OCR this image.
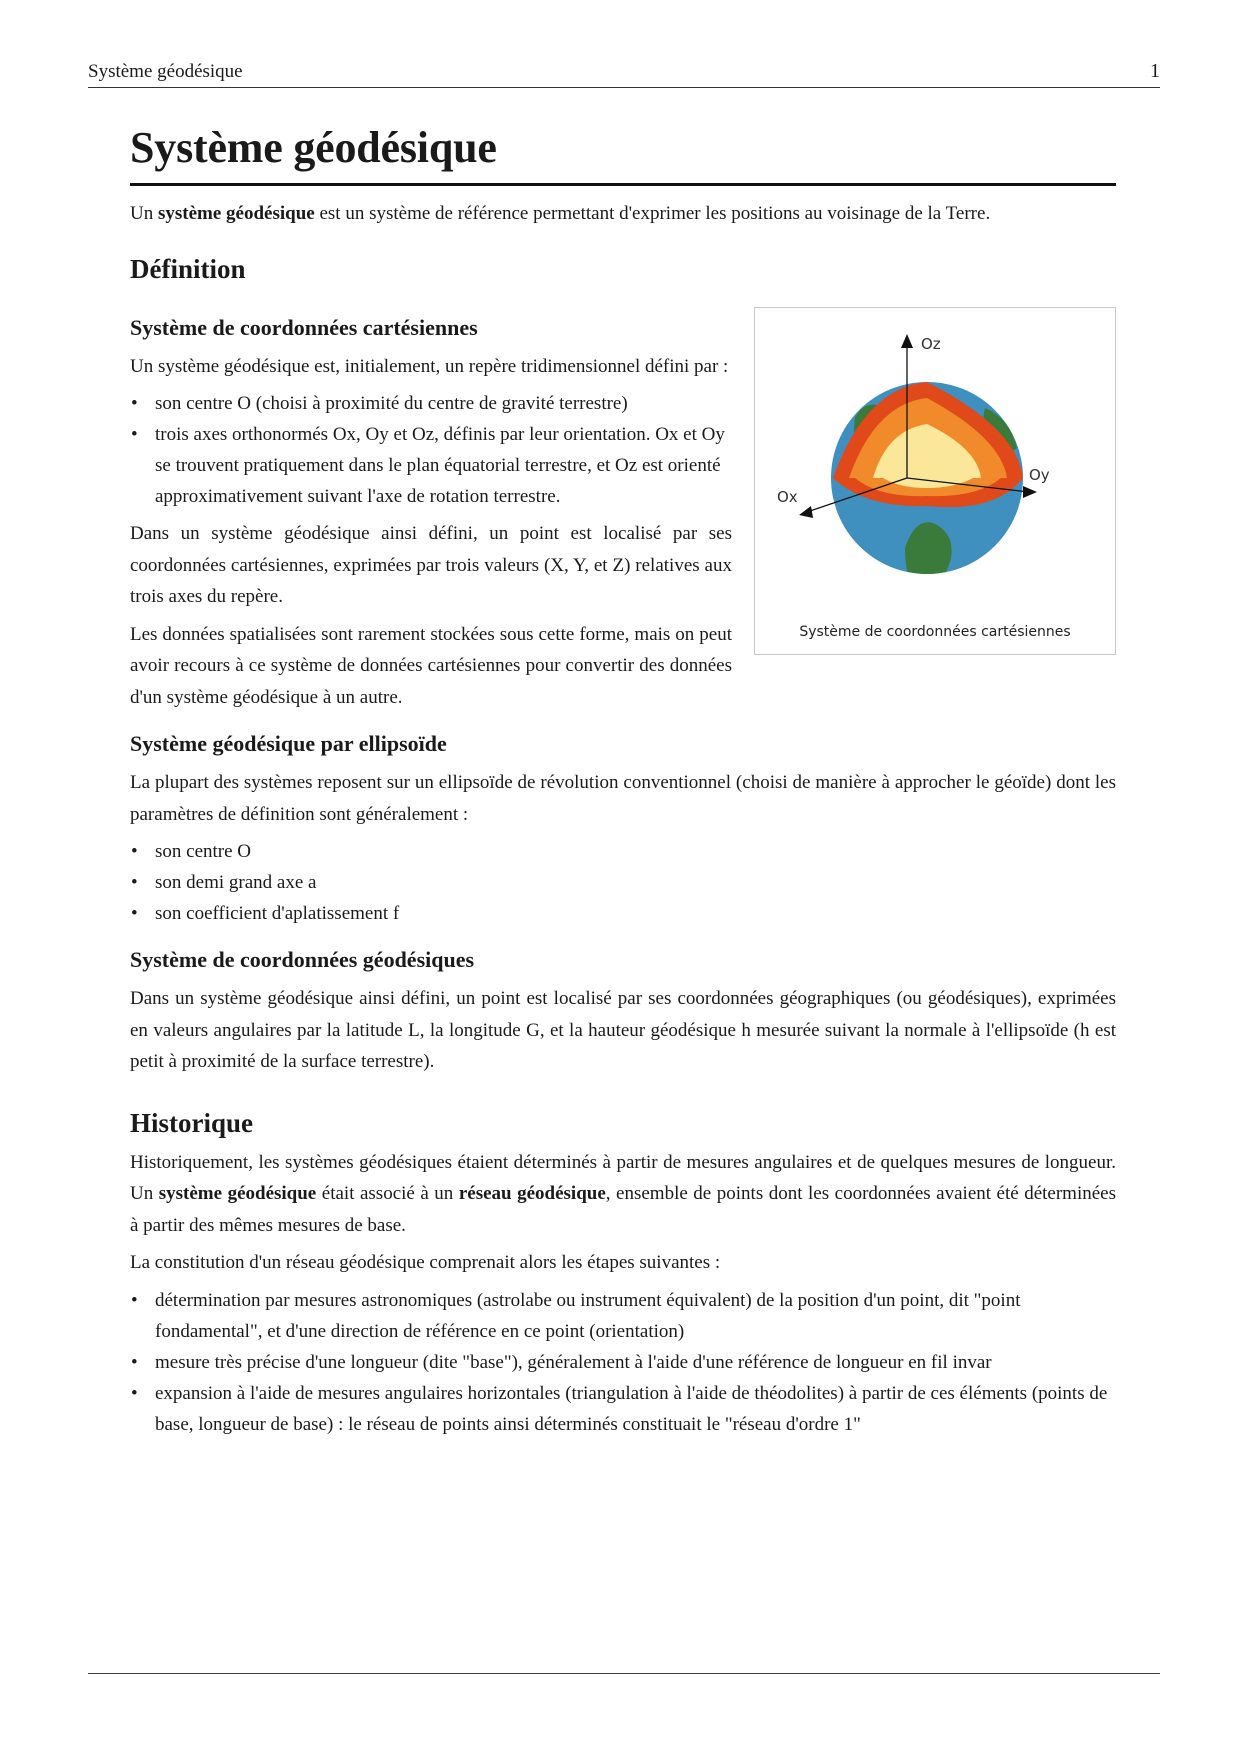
Système géodésique	1
Système géodésique

Un système géodésique est un système de référence permettant d'exprimer les positions au voisinage de la Terre.

Définition
Oz
Oy
Ox
Système de coordonnées cartésiennes
Système de coordonnées cartésiennes

Un système géodésique est, initialement, un repère tridimensionnel défini par :

• son centre O (choisi à proximité du centre de gravité terrestre)
• trois axes orthonormés Ox, Oy et Oz, définis par leur orientation. Ox et Oy se trouvent pratiquement dans le plan équatorial terrestre, et Oz est orienté approximativement suivant l'axe de rotation terrestre.

Dans un système géodésique ainsi défini, un point est localisé par ses coordonnées cartésiennes, exprimées par trois valeurs (X, Y, et Z) relatives aux trois axes du repère.

Les données spatialisées sont rarement stockées sous cette forme, mais on peut avoir recours à ce système de données cartésiennes pour convertir des données d'un système géodésique à un autre.

Système géodésique par ellipsoïde

La plupart des systèmes reposent sur un ellipsoïde de révolution conventionnel (choisi de manière à approcher le géoïde) dont les paramètres de définition sont généralement :

• son centre O
• son demi grand axe a
• son coefficient d'aplatissement f
Système de coordonnées géodésiques

Dans un système géodésique ainsi défini, un point est localisé par ses coordonnées géographiques (ou géodésiques), exprimées en valeurs angulaires par la latitude L, la longitude G, et la hauteur géodésique h mesurée suivant la normale à l'ellipsoïde (h est petit à proximité de la surface terrestre).

Historique

Historiquement, les systèmes géodésiques étaient déterminés à partir de mesures angulaires et de quelques mesures de longueur. Un système géodésique était associé à un réseau géodésique, ensemble de points dont les coordonnées avaient été déterminées à partir des mêmes mesures de base.

La constitution d'un réseau géodésique comprenait alors les étapes suivantes :

• détermination par mesures astronomiques (astrolabe ou instrument équivalent) de la position d'un point, dit "point fondamental", et d'une direction de référence en ce point (orientation)
• mesure très précise d'une longueur (dite "base"), généralement à l'aide d'une référence de longueur en fil invar
• expansion à l'aide de mesures angulaires horizontales (triangulation à l'aide de théodolites) à partir de ces éléments (points de base, longueur de base) : le réseau de points ainsi déterminés constituait le "réseau d'ordre 1"
